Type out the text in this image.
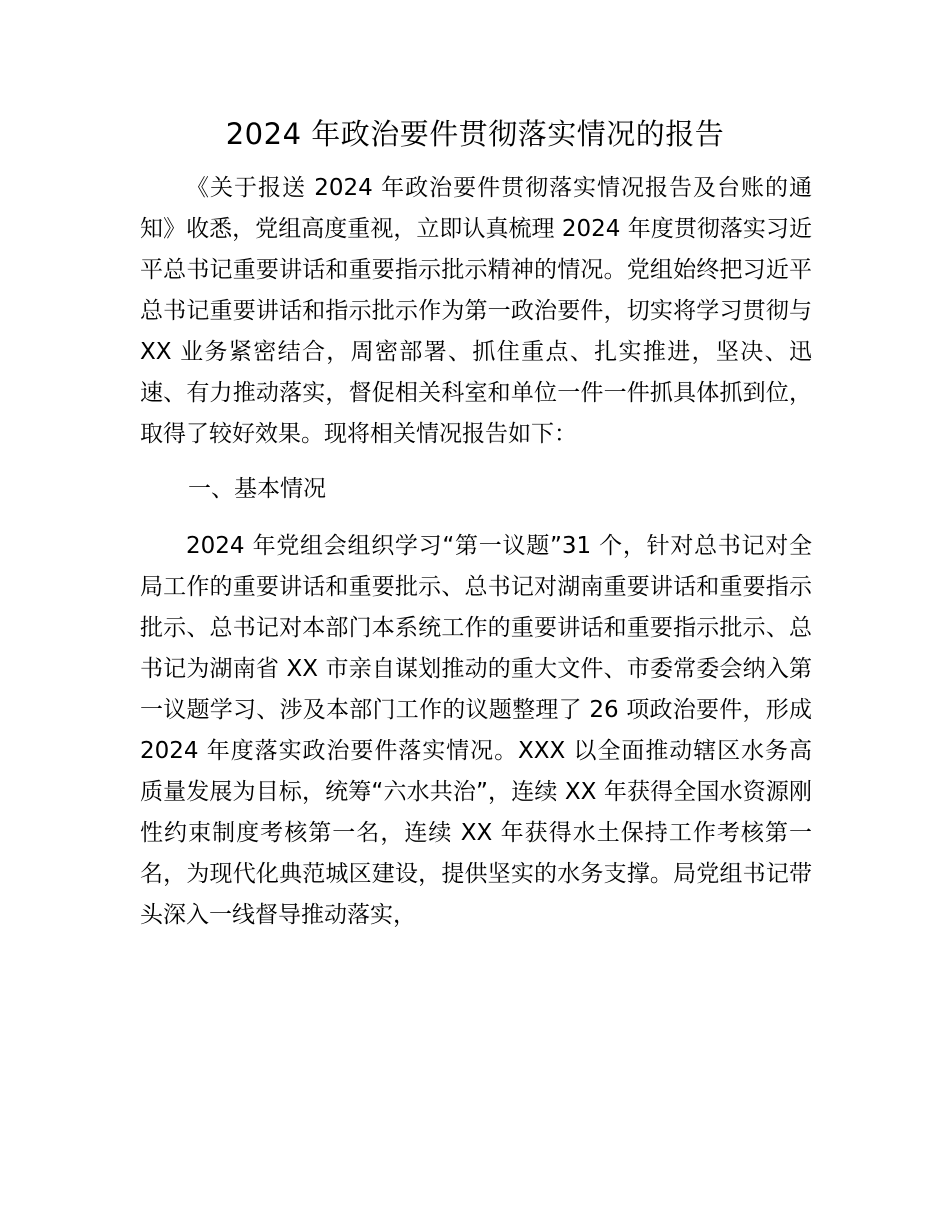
2024 年政治要件贯彻落实情况的报告

《关于报送 2024 年政治要件贯彻落实情况报告及台账的通知》收悉，党组高度重视，立即认真梳理 2024 年度贯彻落实习近平总书记重要讲话和重要指示批示精神的情况。党组始终把习近平总书记重要讲话和指示批示作为第一政治要件，切实将学习贯彻与 XX 业务紧密结合，周密部署、抓住重点、扎实推进，坚决、迅速、有力推动落实，督促相关科室和单位一件一件抓具体抓到位，取得了较好效果。现将相关情况报告如下：

一、基本情况

2024 年党组会组织学习“第一议题”31 个，针对总书记对全局工作的重要讲话和重要批示、总书记对湖南重要讲话和重要指示批示、总书记对本部门本系统工作的重要讲话和重要指示批示、总书记为湖南省 XX 市亲自谋划推动的重大文件、市委常委会纳入第一议题学习、涉及本部门工作的议题整理了 26 项政治要件，形成 2024 年度落实政治要件落实情况。XXX 以全面推动辖区水务高质量发展为目标，统筹“六水共治”，连续 XX 年获得全国水资源刚性约束制度考核第一名，连续 XX 年获得水土保持工作考核第一名，为现代化典范城区建设，提供坚实的水务支撑。局党组书记带头深入一线督导推动落实，
